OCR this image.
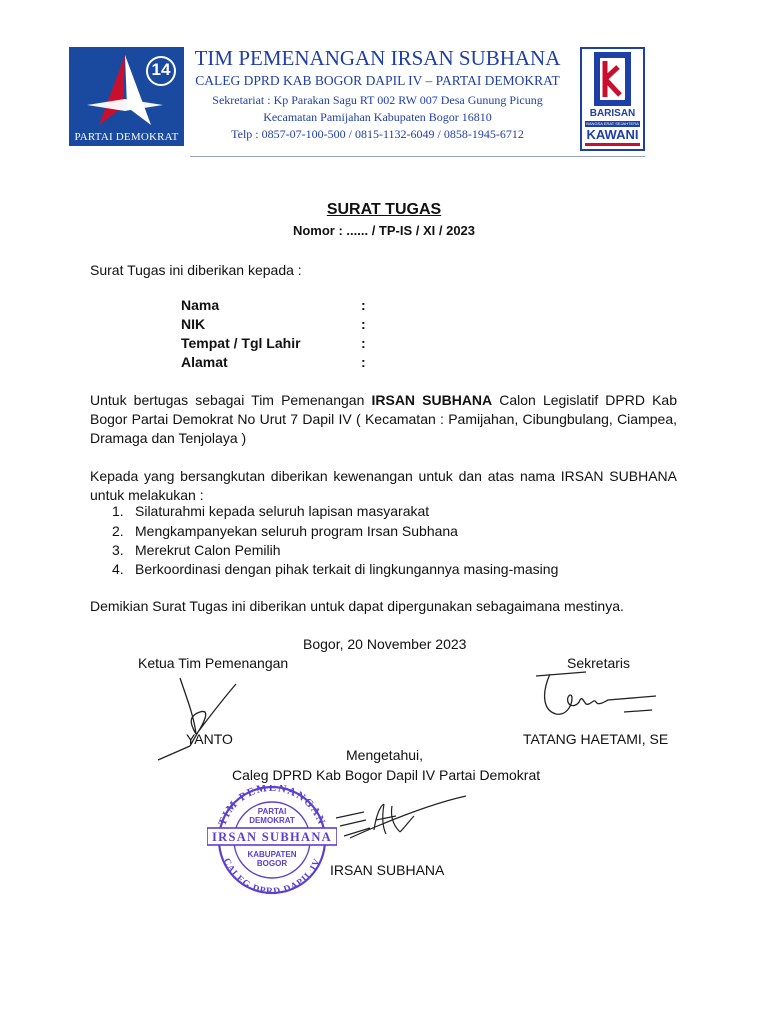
14
PARTAI DEMOKRAT
TIM PEMENANGAN IRSAN SUBHANA
CALEG DPRD KAB BOGOR DAPIL IV – PARTAI DEMOKRAT
Sekretariat : Kp Parakan Sagu RT 002 RW 007 Desa Gunung Picung
Kecamatan Pamijahan Kabupaten Bogor 16810
Telp : 0857-07-100-500 / 0815-1132-6049 / 0858-1945-6712
BARISAN
BANGSA ERAT SEJAHTERA
KAWANI
SURAT TUGAS
Nomor : ...... / TP-IS / XI / 2023
Surat Tugas ini diberikan kepada :
Nama	:
NIK	:
Tempat / Tgl Lahir	:
Alamat	:
Untuk bertugas sebagai Tim Pemenangan IRSAN SUBHANA Calon Legislatif DPRD Kab Bogor Partai Demokrat No Urut 7 Dapil IV ( Kecamatan : Pamijahan, Cibungbulang, Ciampea, Dramaga dan Tenjolaya )
Kepada yang bersangkutan diberikan kewenangan untuk dan atas nama IRSAN SUBHANA untuk melakukan :
1. Silaturahmi kepada seluruh lapisan masyarakat
2. Mengkampanyekan seluruh program Irsan Subhana
3. Merekrut Calon Pemilih
4. Berkoordinasi dengan pihak terkait di lingkungannya masing-masing
Demikian Surat Tugas ini diberikan untuk dapat dipergunakan sebagaimana mestinya.
Bogor, 20 November 2023
Ketua Tim Pemenangan	Sekretaris
YANTO	TATANG HAETAMI, SE
Mengetahui,
Caleg DPRD Kab Bogor Dapil IV Partai Demokrat
TIM PEMENANGAN
CALEG DPRD DAPIL IV
PARTAI
DEMOKRAT
IRSAN SUBHANA
KABUPATEN
BOGOR	IRSAN SUBHANA
